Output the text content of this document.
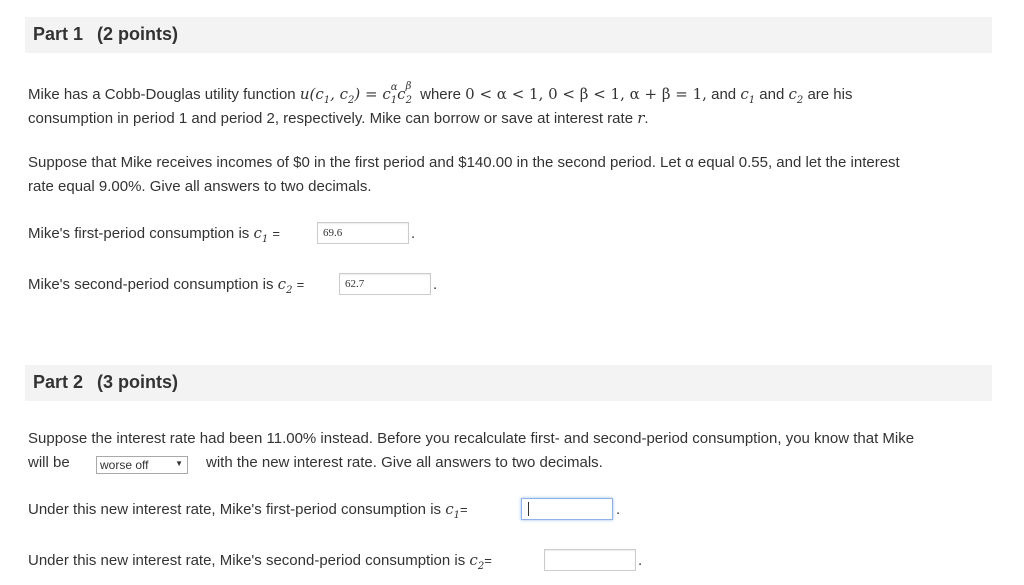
Part 1 (2 points)
Mike has a Cobb-Douglas utility function $u(c_1$, $c_2) = c$ $_{\alpha 1}$c $_{\beta 2}$ where 0 < α < 1, 0 < β < 1, α + β = 1, and $c_1$ and $c_2$ are his
consumption in period 1 and period 2, respectively. Mike can borrow or save at interest rate r.
Suppose that Mike receives incomes of $0 in the first period and $140.00 in the second period. Let α equal 0.55, and let the interest
rate equal 9.00%. Give all answers to two decimals.
Mike's first-period consumption is $c_1$ =	69.6	.
Mike's second-period consumption is $c_2$ =	62.7	.
Part 2 (3 points)
Suppose the interest rate had been 11.00% instead. Before you recalculate first- and second-period consumption, you know that Mike
will be	worse off	▼ with the new interest rate. Give all answers to two decimals.
Under this new interest rate, Mike's first-period consumption is $c_1=$	.
Under this new interest rate, Mike's second-period consumption is $c_2=$	.
